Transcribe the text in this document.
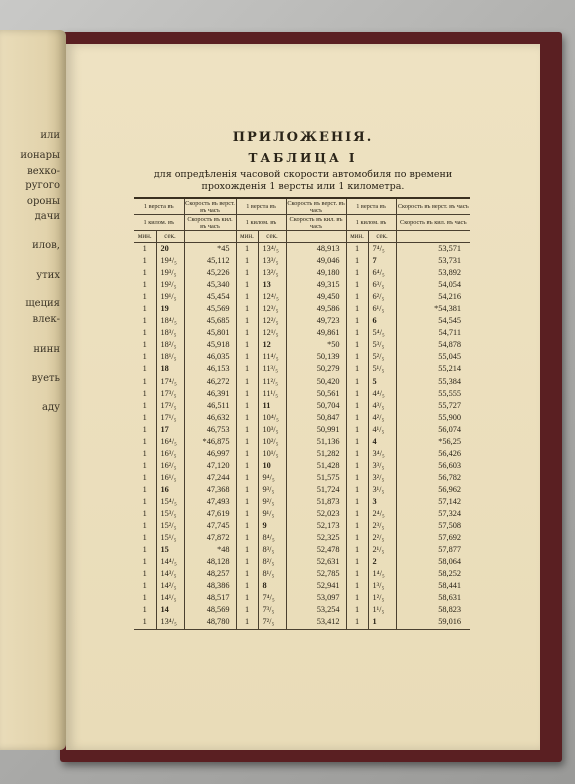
или
ионары
вехко-
ругого
ороны
дачи
илов,
утих
щеция
влек-
нинн
вуеть
аду
ПРИЛОЖЕНІЯ.
ТАБЛИЦА I
для опредѣленія часовой скорости автомобиля по времени прохожденія 1 версты или 1 километра.
1 верста въ		Скорость въ верст. въ часъ	1 верста въ		Скорость въ верст. въ часъ	1 верста въ		Скорость въ верст. въ часъ
1 килом. въ		Скорость въ кил. въ часъ	1 килом. въ		Скорость въ кил. въ часъ	1 килом. въ		Скорость въ кил. въ часъ
мин.	сек.		мин.	сек.		мин.	сек.	
1	20	*45	1	13⁴/₅	48,913	1	7⁴/₅	53,571
1	19⁴/₅	45,112	1	13³/₅	49,046	1	7	53,731
1	19³/₅	45,226	1	13²/₅	49,180	1	6⁴/₅	53,892
1	19²/₅	45,340	1	13	49,315	1	6³/₅	54,054
1	19¹/₅	45,454	1	12⁴/₅	49,450	1	6²/₅	54,216
1	19	45,569	1	12³/₅	49,586	1	6¹/₅	*54,381
1	18⁴/₅	45,685	1	12²/₅	49,723	1	6	54,545
1	18³/₅	45,801	1	12¹/₅	49,861	1	5⁴/₅	54,711
1	18²/₅	45,918	1	12	*50	1	5³/₅	54,878
1	18¹/₅	46,035	1	11⁴/₅	50,139	1	5²/₅	55,045
1	18	46,153	1	11³/₅	50,279	1	5¹/₅	55,214
1	17⁴/₅	46,272	1	11²/₅	50,420	1	5	55,384
1	17³/₅	46,391	1	11¹/₅	50,561	1	4⁴/₅	55,555
1	17²/₅	46,511	1	11	50,704	1	4³/₅	55,727
1	17¹/₅	46,632	1	10⁴/₅	50,847	1	4²/₅	55,900
1	17	46,753	1	10³/₅	50,991	1	4¹/₅	56,074
1	16⁴/₅	*46,875	1	10²/₅	51,136	1	4	*56,25
1	16³/₅	46,997	1	10¹/₅	51,282	1	3⁴/₅	56,426
1	16²/₅	47,120	1	10	51,428	1	3³/₅	56,603
1	16¹/₅	47,244	1	9⁴/₅	51,575	1	3²/₅	56,782
1	16	47,368	1	9³/₅	51,724	1	3¹/₅	56,962
1	15⁴/₅	47,493	1	9²/₅	51,873	1	3	57,142
1	15³/₅	47,619	1	9¹/₅	52,023	1	2⁴/₅	57,324
1	15²/₅	47,745	1	9	52,173	1	2³/₅	57,508
1	15¹/₅	47,872	1	8⁴/₅	52,325	1	2²/₅	57,692
1	15	*48	1	8³/₅	52,478	1	2¹/₅	57,877
1	14⁴/₅	48,128	1	8²/₅	52,631	1	2	58,064
1	14³/₅	48,257	1	8¹/₅	52,785	1	1⁴/₅	58,252
1	14²/₅	48,386	1	8	52,941	1	1³/₅	58,441
1	14¹/₅	48,517	1	7⁴/₅	53,097	1	1²/₅	58,631
1	14	48,569	1	7³/₅	53,254	1	1¹/₅	58,823
1	13⁴/₅	48,780	1	7²/₅	53,412	1	1	59,016
